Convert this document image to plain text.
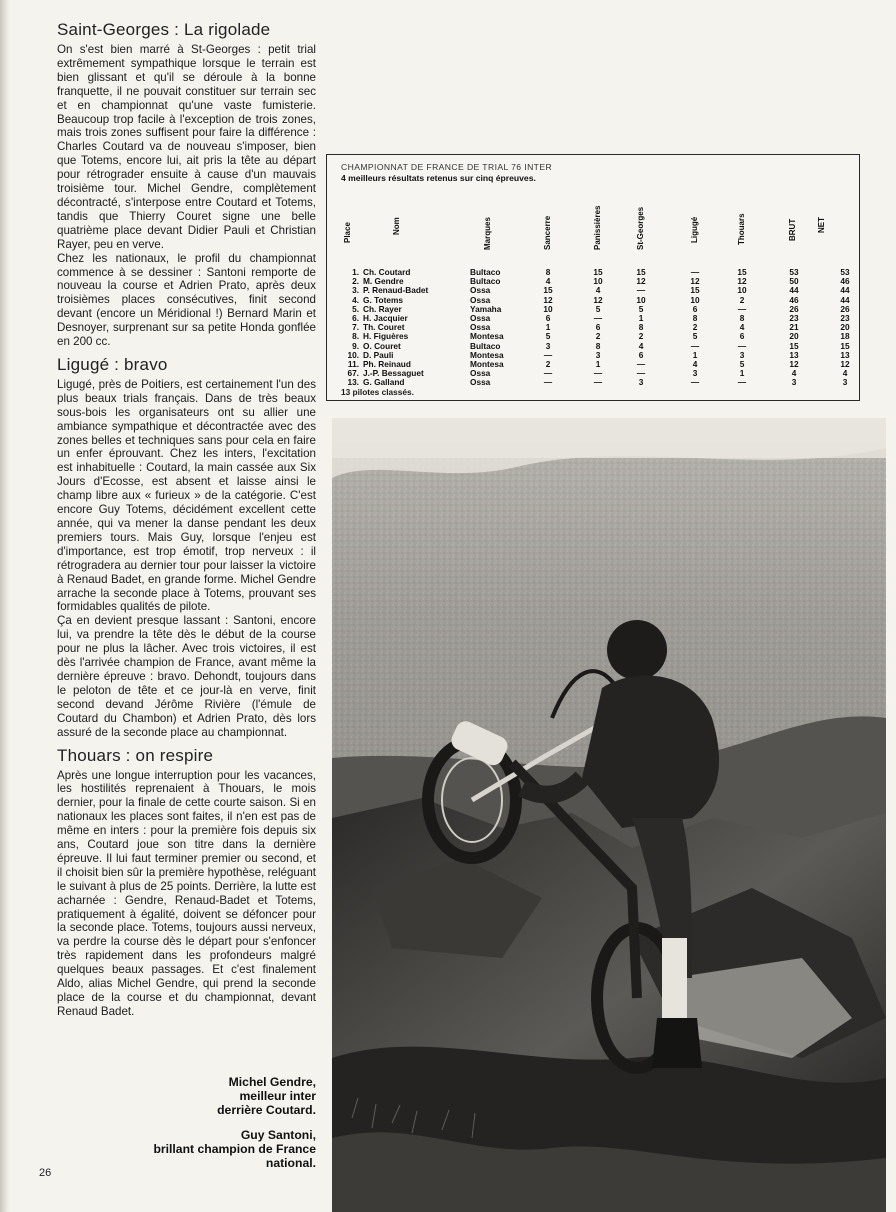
Saint-Georges : La rigolade

On s'est bien marré à St-Georges : petit trial extrêmement sympathique lorsque le terrain est bien glissant et qu'il se déroule à la bonne franquette, il ne pouvait constituer sur terrain sec et en championnat qu'une vaste fumisterie. Beaucoup trop facile à l'exception de trois zones, mais trois zones suffisent pour faire la différence : Charles Coutard va de nouveau s'imposer, bien que Totems, encore lui, ait pris la tête au départ pour rétrograder ensuite à cause d'un mauvais troisième tour. Michel Gendre, complètement décontracté, s'interpose entre Coutard et Totems, tandis que Thierry Couret signe une belle quatrième place devant Didier Pauli et Christian Rayer, peu en verve.

Chez les nationaux, le profil du championnat commence à se dessiner : Santoni remporte de nouveau la course et Adrien Prato, après deux troisièmes places consécutives, finit second devant (encore un Méridional !) Bernard Marin et Desnoyer, surprenant sur sa petite Honda gonflée en 200 cc.

Ligugé : bravo

Ligugé, près de Poitiers, est certainement l'un des plus beaux trials français. Dans de très beaux sous-bois les organisateurs ont su allier une ambiance sympathique et décontractée avec des zones belles et techniques sans pour cela en faire un enfer éprouvant. Chez les inters, l'excitation est inhabituelle : Coutard, la main cassée aux Six Jours d'Ecosse, est absent et laisse ainsi le champ libre aux « furieux » de la catégorie. C'est encore Guy Totems, décidément excellent cette année, qui va mener la danse pendant les deux premiers tours. Mais Guy, lorsque l'enjeu est d'importance, est trop émotif, trop nerveux : il rétrogradera au dernier tour pour laisser la victoire à Renaud Badet, en grande forme. Michel Gendre arrache la seconde place à Totems, prouvant ses formidables qualités de pilote.

Ça en devient presque lassant : Santoni, encore lui, va prendre la tête dès le début de la course pour ne plus la lâcher. Avec trois victoires, il est dès l'arrivée champion de France, avant même la dernière épreuve : bravo. Dehondt, toujours dans le peloton de tête et ce jour-là en verve, finit second devand Jérôme Rivière (l'émule de Coutard du Chambon) et Adrien Prato, dès lors assuré de la seconde place au championnat.

Thouars : on respire

Après une longue interruption pour les vacances, les hostilités reprenaient à Thouars, le mois dernier, pour la finale de cette courte saison. Si en nationaux les places sont faites, il n'en est pas de même en inters : pour la première fois depuis six ans, Coutard joue son titre dans la dernière épreuve. Il lui faut terminer premier ou second, et il choisit bien sûr la première hypothèse, reléguant le suivant à plus de 25 points. Derrière, la lutte est acharnée : Gendre, Renaud-Badet et Totems, pratiquement à égalité, doivent se défoncer pour la seconde place. Totems, toujours aussi nerveux, va perdre la course dès le départ pour s'enfoncer très rapidement dans les profondeurs malgré quelques beaux passages. Et c'est finalement Aldo, alias Michel Gendre, qui prend la seconde place de la course et du championnat, devant Renaud Badet.

Michel Gendre,
meilleur inter
derrière Coutard.

Guy Santoni,
brillant champion de France
national.

26
CHAMPIONNAT DE FRANCE DE TRIAL 76 INTER
4 meilleurs résultats retenus sur cinq épreuves.
Place	Nom	Marques	Sancerre	Panissières	St-Georges	Ligugé	Thouars	BRUT	NET
1. Ch. Coutard	Bultaco	8	15	15	—	15	53	53
2. M. Gendre	Bultaco	4	10	12	12	12	50	46
3. P. Renaud-Badet	Ossa	15	4	—	15	10	44	44
4. G. Totems	Ossa	12	12	10	10	2	46	44
5. Ch. Rayer	Yamaha	10	5	5	6	—	26	26
6. H. Jacquier	Ossa	6	—	1	8	8	23	23
7. Th. Couret	Ossa	1	6	8	2	4	21	20
8. H. Figuères	Montesa	5	2	2	5	6	20	18
9. O. Couret	Bultaco	3	8	4	—	—	15	15
10. D. Pauli	Montesa	—	3	6	1	3	13	13
11. Ph. Reinaud	Montesa	2	1	—	4	5	12	12
67. J.-P. Bessaguet	Ossa	—	—	—	3	1	4	4
13. G. Galland	Ossa	—	—	3	—	—	3	3
13 pilotes classés.
